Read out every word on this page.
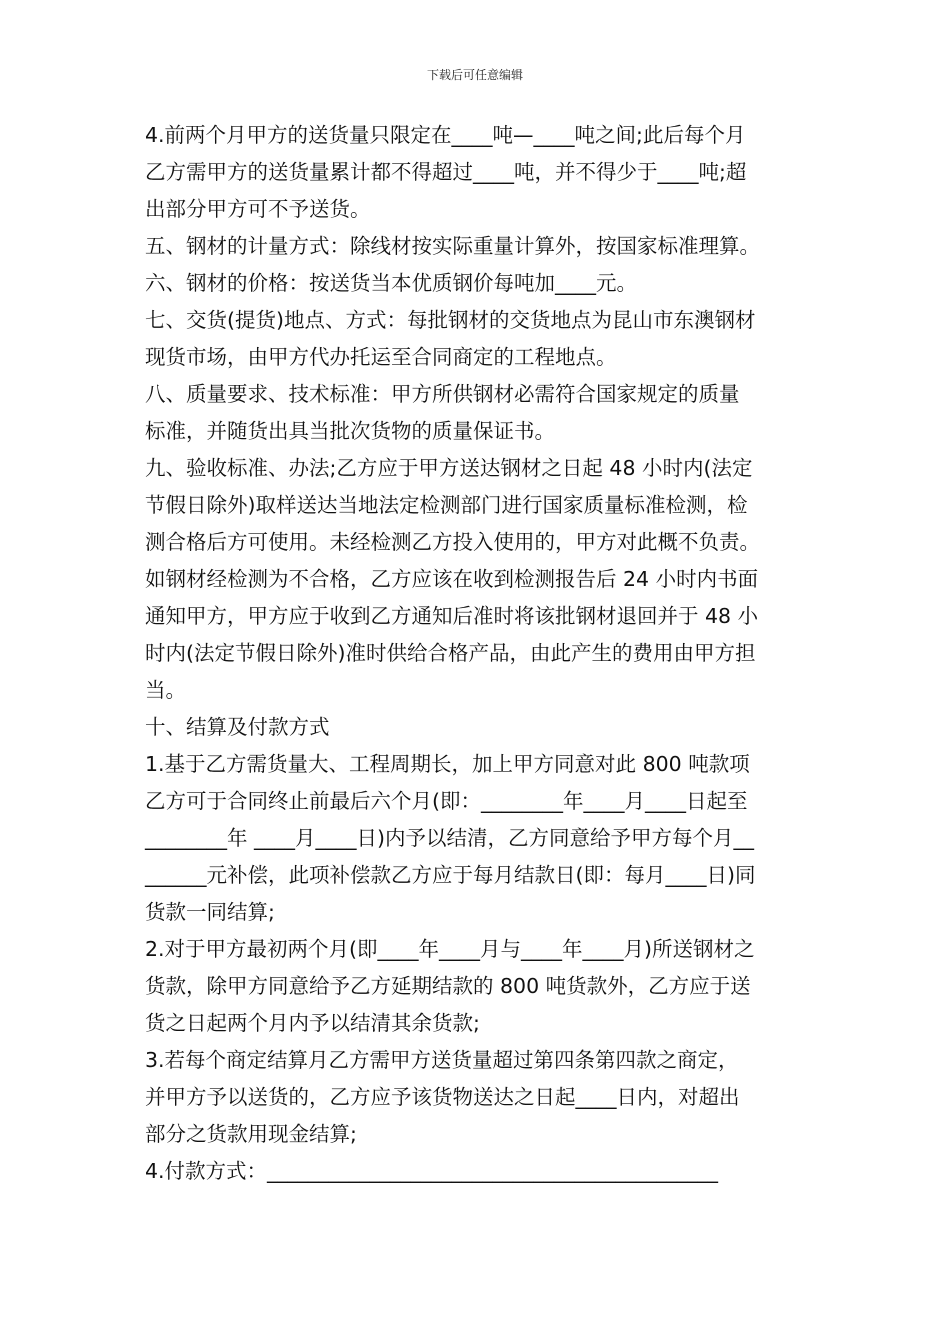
下载后可任意编辑
4.前两个月甲方的送货量只限定在____吨—____吨之间;此后每个月
乙方需甲方的送货量累计都不得超过____吨，并不得少于____吨;超
出部分甲方可不予送货。
五、钢材的计量方式：除线材按实际重量计算外，按国家标准理算。
六、钢材的价格：按送货当本优质钢价每吨加____元。
七、交货(提货)地点、方式：每批钢材的交货地点为昆山市东澳钢材
现货市场，由甲方代办托运至合同商定的工程地点。
八、质量要求、技术标准：甲方所供钢材必需符合国家规定的质量
标准，并随货出具当批次货物的质量保证书。
九、验收标准、办法;乙方应于甲方送达钢材之日起 48 小时内(法定
节假日除外)取样送达当地法定检测部门进行国家质量标准检测，检
测合格后方可使用。未经检测乙方投入使用的，甲方对此概不负责。
如钢材经检测为不合格，乙方应该在收到检测报告后 24 小时内书面
通知甲方，甲方应于收到乙方通知后准时将该批钢材退回并于 48 小
时内(法定节假日除外)准时供给合格产品，由此产生的费用由甲方担
当。
十、结算及付款方式
1.基于乙方需货量大、工程周期长，加上甲方同意对此 800 吨款项
乙方可于合同终止前最后六个月(即：________年____月____日起至
________年 ____月____日)内予以结清，乙方同意给予甲方每个月__
______元补偿，此项补偿款乙方应于每月结款日(即：每月____日)同
货款一同结算;
2.对于甲方最初两个月(即____年____月与____年____月)所送钢材之
货款，除甲方同意给予乙方延期结款的 800 吨货款外，乙方应于送
货之日起两个月内予以结清其余货款;
3.若每个商定结算月乙方需甲方送货量超过第四条第四款之商定，
并甲方予以送货的，乙方应予该货物送达之日起____日内，对超出
部分之货款用现金结算;
4.付款方式：____________________________________________
